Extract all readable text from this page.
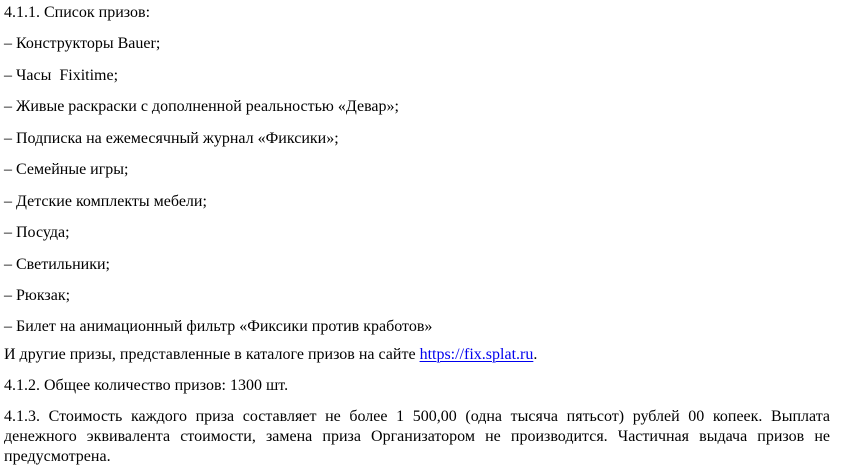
4.1.1. Список призов:
– Конструкторы Bauer;
– Часы  Fixitime;
– Живые раскраски с дополненной реальностью «Девар»;
– Подписка на ежемесячный журнал «Фиксики»;
– Семейные игры;
– Детские комплекты мебели;
– Посуда;
– Светильники;
– Рюкзак;
– Билет на анимационный фильтр «Фиксики против кработов»
И другие призы, представленные в каталоге призов на сайте https://fix.splat.ru.
4.1.2. Общее количество призов: 1300 шт.
4.1.3. Стоимость каждого приза составляет не более 1 500,00 (одна тысяча пятьсот) рублей 00 копеек. Выплата денежного эквивалента стоимости, замена приза Организатором не производится. Частичная выдача призов не предусмотрена.
